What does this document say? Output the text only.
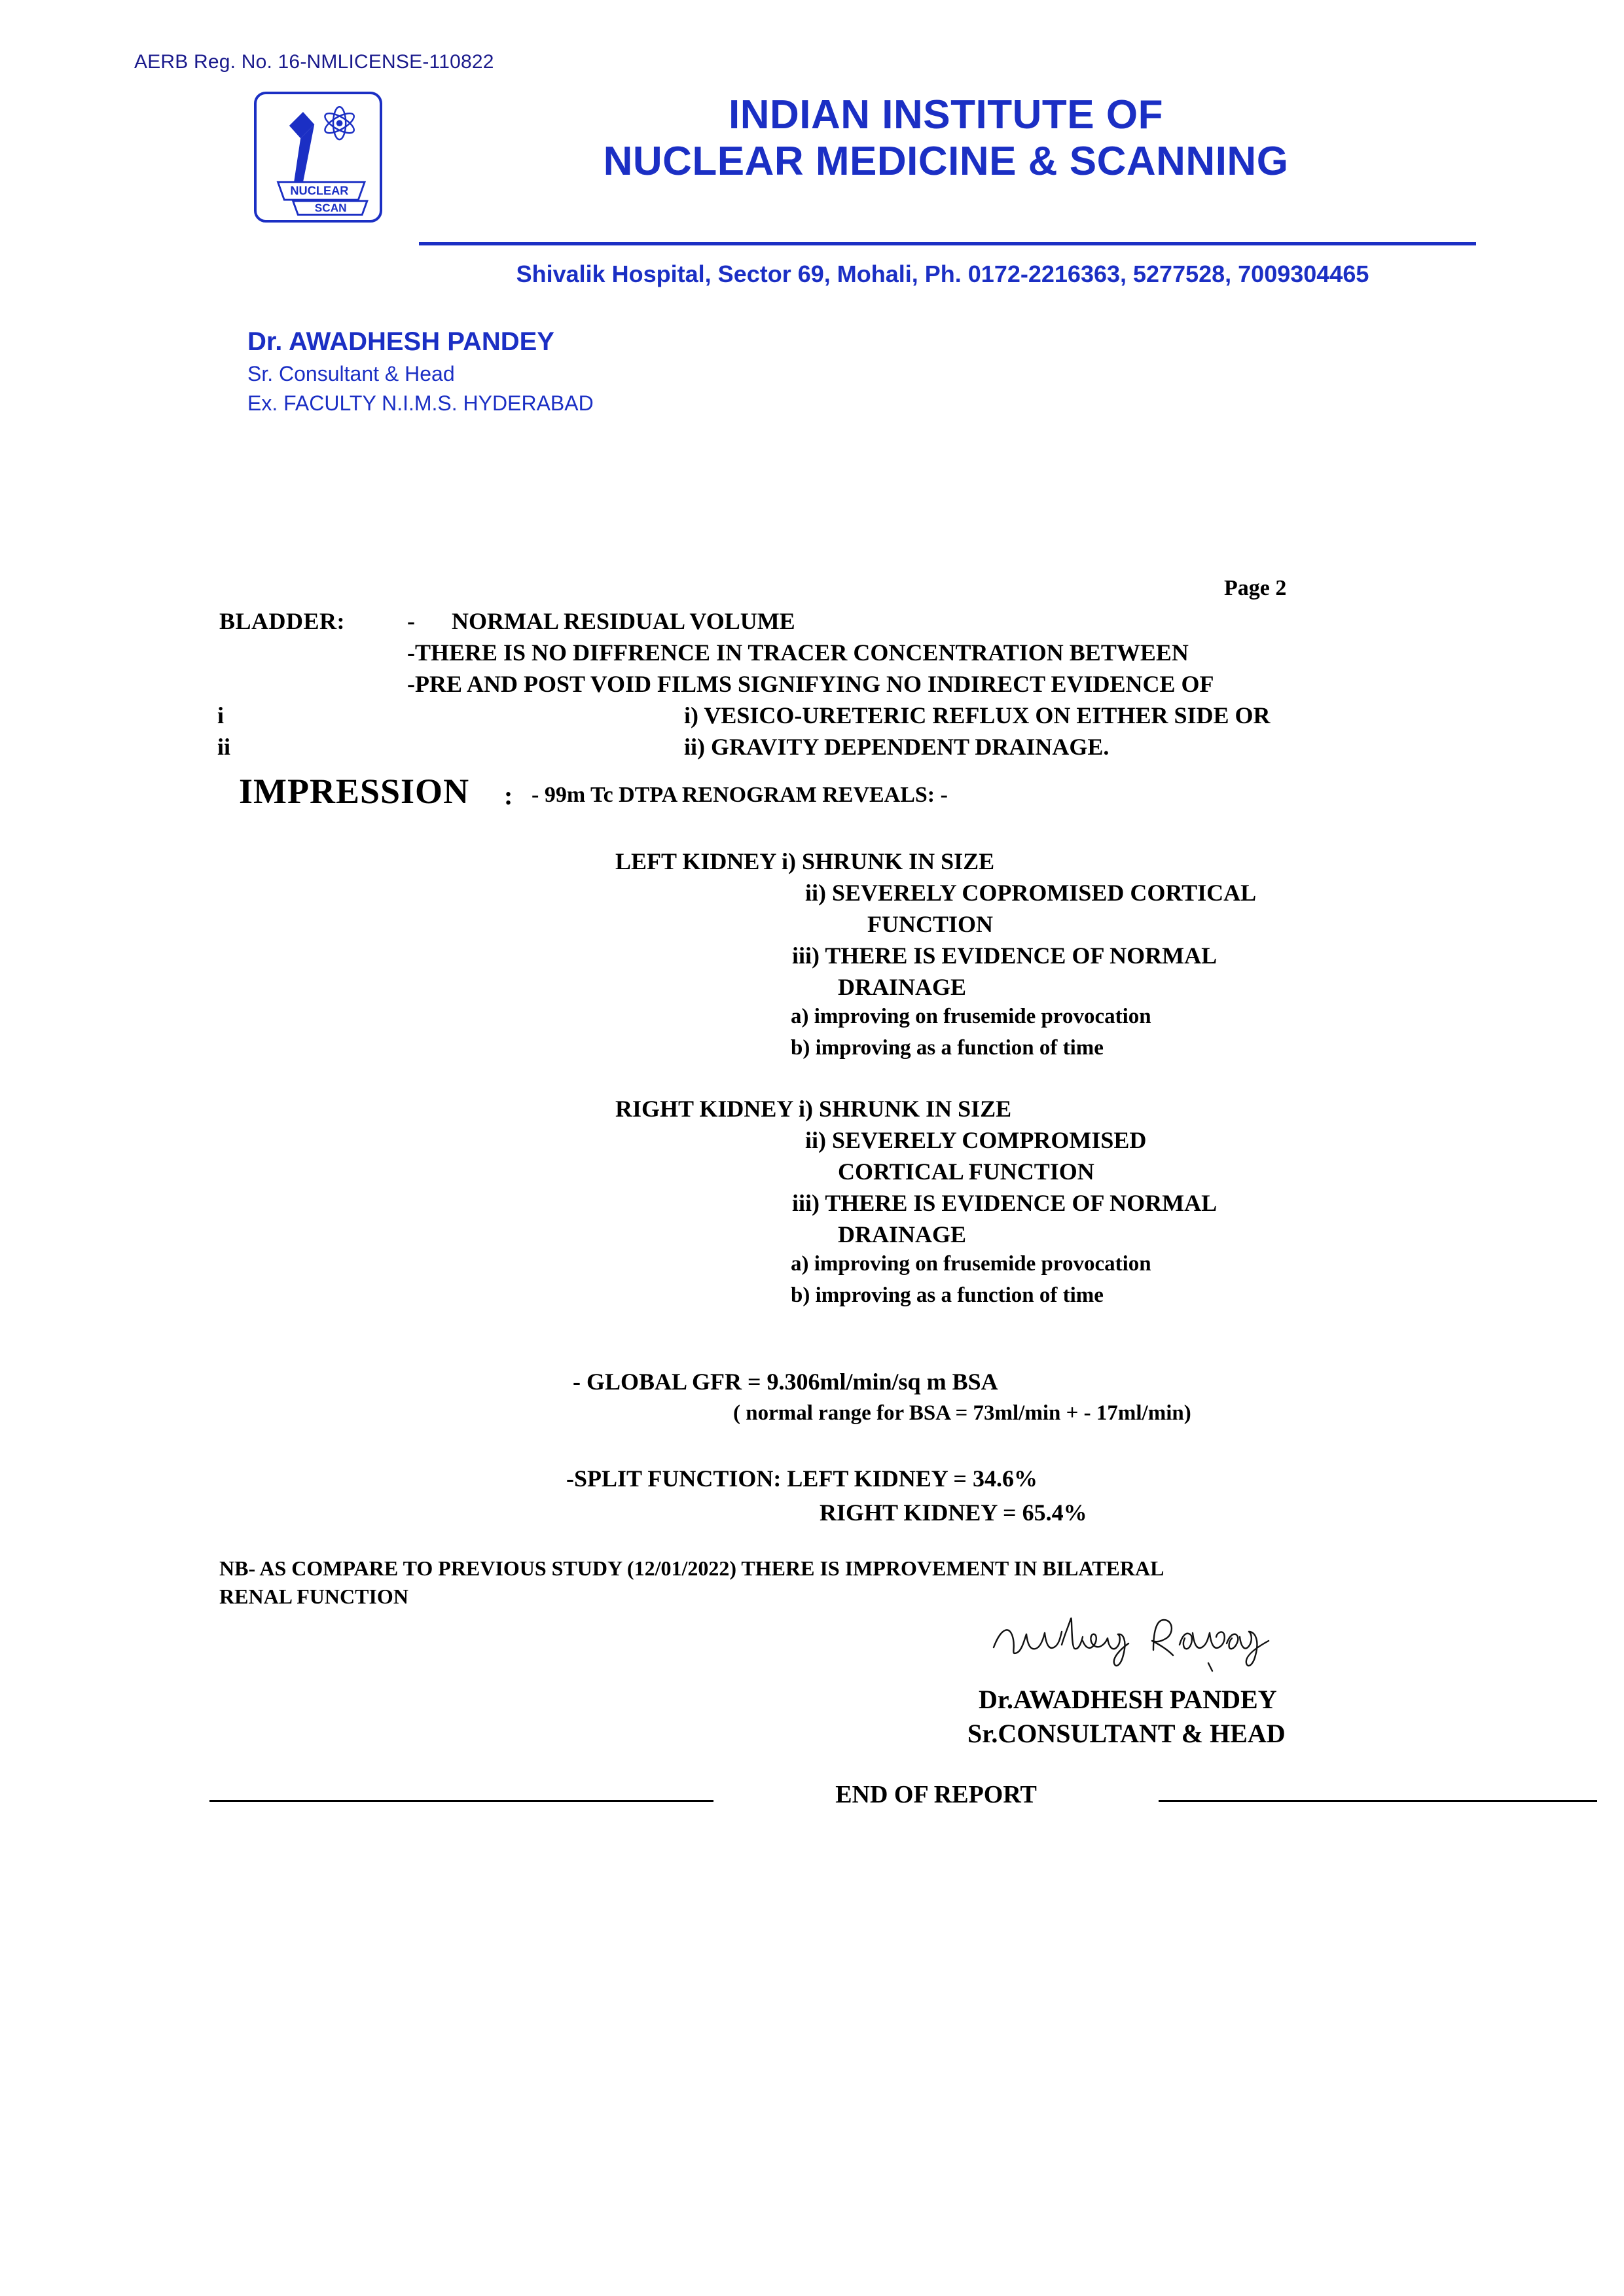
AERB Reg. No. 16-NMLICENSE-110822
NUCLEAR
SCAN
INDIAN INSTITUTE OF
NUCLEAR MEDICINE & SCANNING
Shivalik Hospital, Sector 69, Mohali, Ph. 0172-2216363, 5277528, 7009304465
Dr. AWADHESH PANDEY
Sr. Consultant & Head
Ex. FACULTY N.I.M.S. HYDERABAD
Page 2
BLADDER:	- NORMAL RESIDUAL VOLUME
-THERE IS NO DIFFRENCE IN TRACER CONCENTRATION BETWEEN
-PRE AND POST VOID FILMS SIGNIFYING NO INDIRECT EVIDENCE OF
i
ii
i) VESICO-URETERIC REFLUX ON EITHER SIDE OR
ii) GRAVITY DEPENDENT DRAINAGE.
IMPRESSION : - 99m Tc DTPA RENOGRAM REVEALS: -
LEFT KIDNEY i) SHRUNK IN SIZE
ii) SEVERELY COPROMISED CORTICAL
FUNCTION
iii) THERE IS EVIDENCE OF NORMAL
DRAINAGE
a) improving on frusemide provocation
b) improving as a function of time
RIGHT KIDNEY i) SHRUNK IN SIZE
ii) SEVERELY COMPROMISED
CORTICAL FUNCTION
iii) THERE IS EVIDENCE OF NORMAL
DRAINAGE
a) improving on frusemide provocation
b) improving as a function of time
- GLOBAL GFR = 9.306ml/min/sq m BSA
( normal range for BSA = 73ml/min + - 17ml/min)
-SPLIT FUNCTION: LEFT KIDNEY = 34.6%
RIGHT KIDNEY = 65.4%
NB- AS COMPARE TO PREVIOUS STUDY (12/01/2022) THERE IS IMPROVEMENT IN BILATERAL
RENAL FUNCTION
Dr.AWADHESH PANDEY
Sr.CONSULTANT & HEAD
END OF REPORT
